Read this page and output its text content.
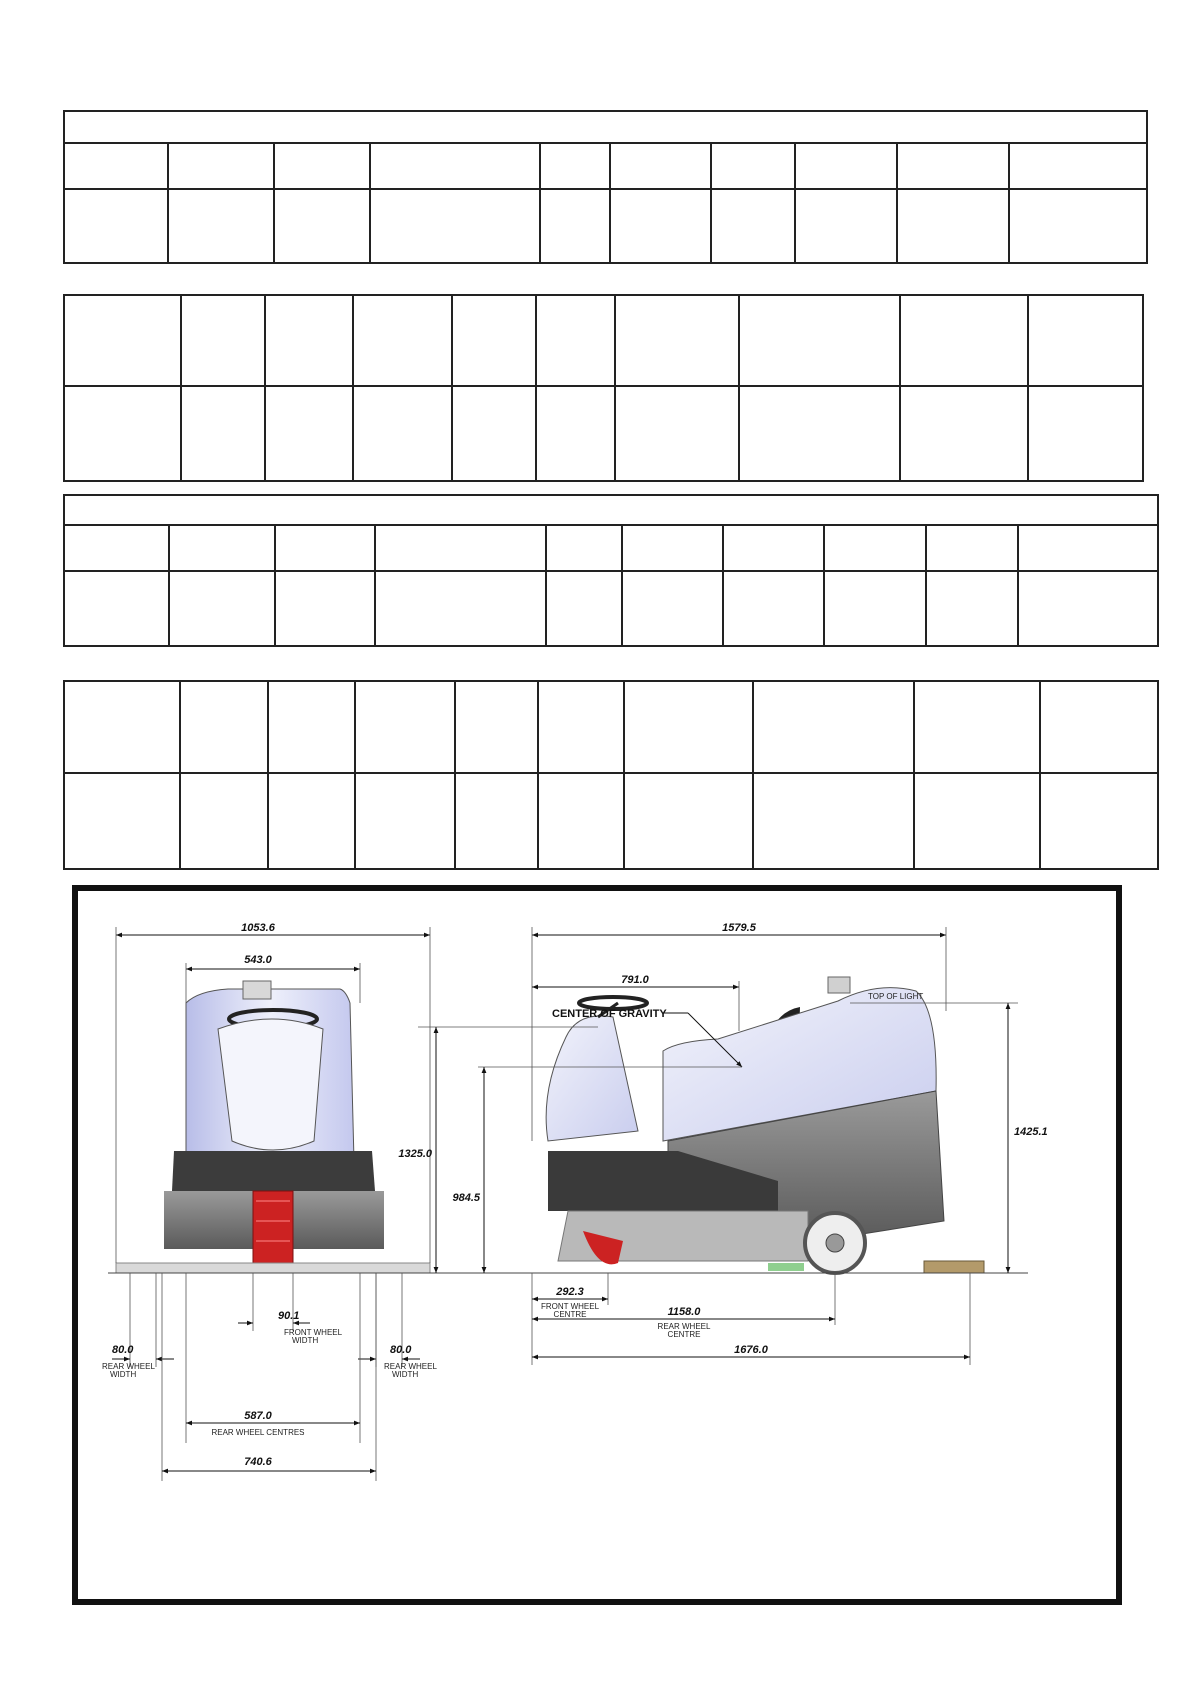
1053.6
543.0
90.1
FRONT WHEEL
WIDTH
80.0
REAR WHEEL
WIDTH
80.0
REAR WHEEL
WIDTH
587.0
REAR WHEEL CENTRES
740.6
1579.5
791.0
CENTER OF GRAVITY
TOP OF LIGHT
1325.0
984.5
1425.1
292.3
FRONT WHEEL
CENTRE	1158.0
REAR WHEEL
CENTRE
1676.0
